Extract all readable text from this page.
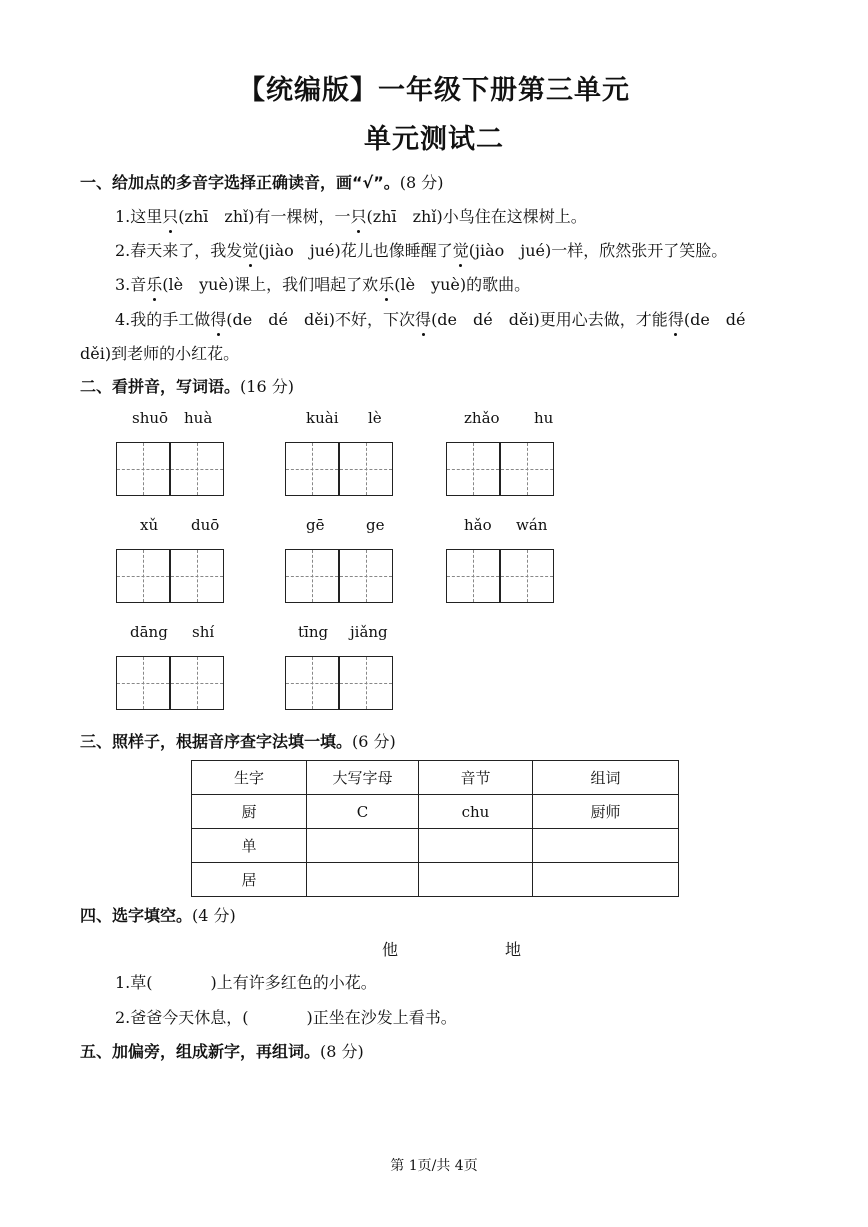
【统编版】一年级下册第三单元
单元测试二
一、给加点的多音字选择正确读音，画“√”。(8 分)
1.这里只(zhī　zhǐ)有一棵树，一只(zhī　zhǐ)小鸟住在这棵树上。
2.春天来了，我发觉(jiào　jué)花儿也像睡醒了觉(jiào　jué)一样，欣然张开了笑脸。
3.音乐(lè　yuè)课上，我们唱起了欢乐(lè　yuè)的歌曲。
4.我的手工做得(de　dé　děi)不好，下次得(de　dé　děi)更用心去做，才能得(de　dé
děi)到老师的小红花。
二、看拼音，写词语。(16 分)
shuō huà	kuài lè	zhǎo hu
xǔ duō	gē	ge	hǎo wán
dāng shí	tīng jiǎng
三、照样子，根据音序查字法填一填。(6 分)
生字	大写字母	音节	组词
厨	C	chu	厨师
单			
居			
四、选字填空。(4 分)
他	地
1.草(	)上有许多红色的小花。
2.爸爸今天休息，(	)正坐在沙发上看书。
五、加偏旁，组成新字，再组词。(8 分)
第 1页/共 4页
